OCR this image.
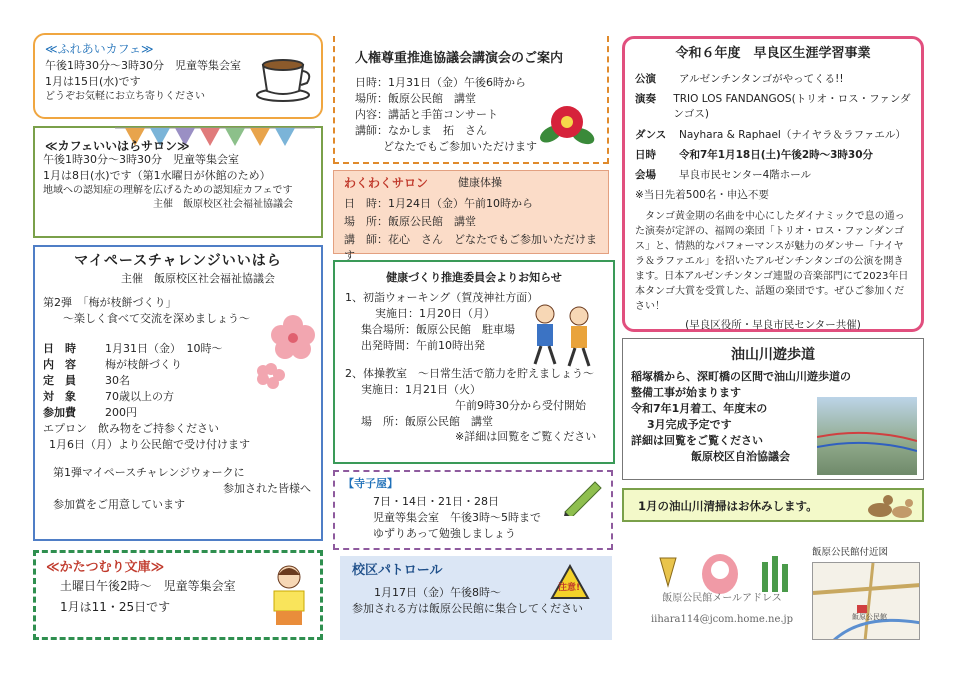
≪ふれあいカフェ≫
午後1時30分～3時30分　児童等集会室
1月は15日(水)です
どうぞお気軽にお立ち寄りください
≪カフェいいはらサロン≫
午後1時30分～3時30分　児童等集会室
1月は8日(水)です（第1水曜日が休館のため）
地域への認知症の理解を広げるための認知症カフェです
主催　飯原校区社会福祉協議会
マイペースチャレンジいいはら
主催　飯原校区社会福祉協議会
第2弾　「梅が枝餅づくり」
～楽しく食べて交流を深めましょう～
日　時	1月31日（金）　10時～
内　容	梅が枝餅づくり
定　員	30名
対　象	70歳以上の方
参加費	200円
エプロン　飲み物をご持参ください
1月6日（月）より公民館で受け付けます
第1弾マイペースチャレンジウォークに
参加された皆様へ
参加賞をご用意しています
≪かたつむり文庫≫
土曜日午後2時～　児童等集会室
1月は11・25日です
人権尊重推進協議会講演会のご案内
日時：1月31日（金）午後6時から
場所：飯原公民館　講堂
内容：講話と手笛コンサート
講師：なかしま　拓　さん
どなたでもご参加いただけます
わくわくサロン	健康体操
日　時：1月24日（金）午前10時から
場　所：飯原公民館　講堂
講　師：花心　さん　どなたでもご参加いただけます
健康づくり推進委員会よりお知らせ
1、初詣ウォーキング（賀茂神社方面）
実施日：1月20日（月）
集合場所：飯原公民館　駐車場
出発時間：午前10時出発
2、体操教室　～日常生活で筋力を貯えましょう～
実施日：1月21日（火）
午前9時30分から受付開始
場　所：飯原公民館　講堂
※詳細は回覧をご覧ください
【寺子屋】
7日・14日・21日・28日
児童等集会室　午後3時～5時まで
ゆずりあって勉強しましょう
校区パトロール
1月17日（金）午後8時～
参加される方は飯原公民館に集合してください
注意!
令和６年度　早良区生涯学習事業
公演	アルゼンチンタンゴがやってくる!!
演奏	TRIO LOS FANDANGOS(トリオ・ロス・ファンダンゴス)
ダンス	Nayhara & Raphael（ナイヤラ＆ラファエル）
日時	令和7年1月18日(土)午後2時～3時30分
会場	早良市民センター4階ホール
※当日先着500名・申込不要
タンゴ黄金期の名曲を中心にしたダイナミックで息の通った演奏が定評の、福岡の楽団「トリオ・ロス・ファンダンゴス」と、情熱的なパフォーマンスが魅力のダンサー「ナイヤラ＆ラファエル」を招いたアルゼンチンタンゴの公演を開きます。日本アルゼンチンタンゴ連盟の音楽部門にて2023年日本タンゴ大賞を受賞した、話題の楽団です。ぜひご参加ください！
(早良区役所・早良市民センター共催)
油山川遊歩道
稲塚橋から、深町橋の区間で油山川遊歩道の
整備工事が始まります
令和7年1月着工、年度末の
3月完成予定です
詳細は回覧をご覧ください
飯原校区自治協議会
1月の油山川清掃はお休みします。
飯原公民館メールアドレス
iihara114@jcom.home.ne.jp
飯原公民館付近図
飯原公民館
